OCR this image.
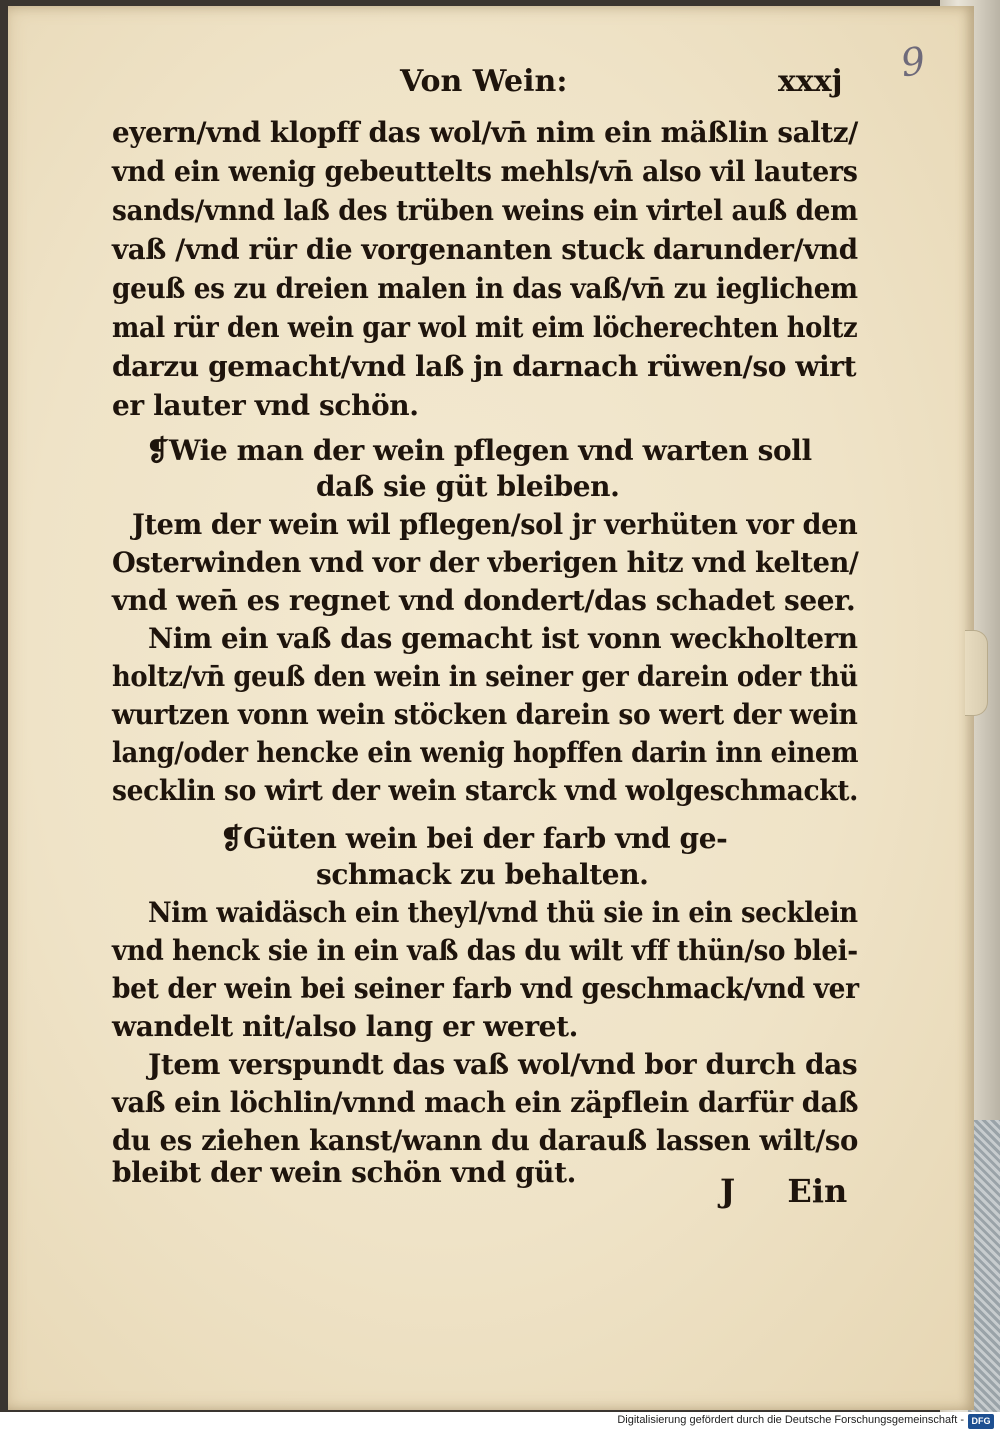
9
Von Wein:	xxxj
eyern/vnd klopff das wol/vn̄ nim ein mäßlin saltz/
vnd ein wenig gebeuttelts mehls/vn̄ also vil lauters
sands/vnnd laß des trüben weins ein virtel auß dem
vaß /vnd rür die vorgenanten stuck darunder/vnd
geuß es zu dreien malen in das vaß/vn̄ zu ieglichem
mal rür den wein gar wol mit eim löcherechten holtz
darzu gemacht/vnd laß jn darnach rüwen/so wirt
er lauter vnd schön.
❡Wie man der wein pflegen vnd warten soll
daß sie güt bleiben.
Jtem der wein wil pflegen/sol jr verhüten vor den
Osterwinden vnd vor der vberigen hitz vnd kelten/
vnd wen̄ es regnet vnd dondert/das schadet seer.
Nim ein vaß das gemacht ist vonn weckholtern
holtz/vn̄ geuß den wein in seiner ger darein oder thü
wurtzen vonn wein stöcken darein so wert der wein
lang/oder hencke ein wenig hopffen darin inn einem
secklin so wirt der wein starck vnd wolgeschmackt.
❡Güten wein bei der farb vnd ge-
schmack zu behalten.
Nim waidäsch ein theyl/vnd thü sie in ein secklein
vnd henck sie in ein vaß das du wilt vff thün/so blei-
bet der wein bei seiner farb vnd geschmack/vnd ver
wandelt nit/also lang er weret.
Jtem verspundt das vaß wol/vnd bor durch das
vaß ein löchlin/vnnd mach ein zäpflein darfür daß
du es ziehen kanst/wann du darauß lassen wilt/so
bleibt der wein schön vnd güt.	J Ein
Digitalisierung gefördert durch die Deutsche Forschungsgemeinschaft - DFG
